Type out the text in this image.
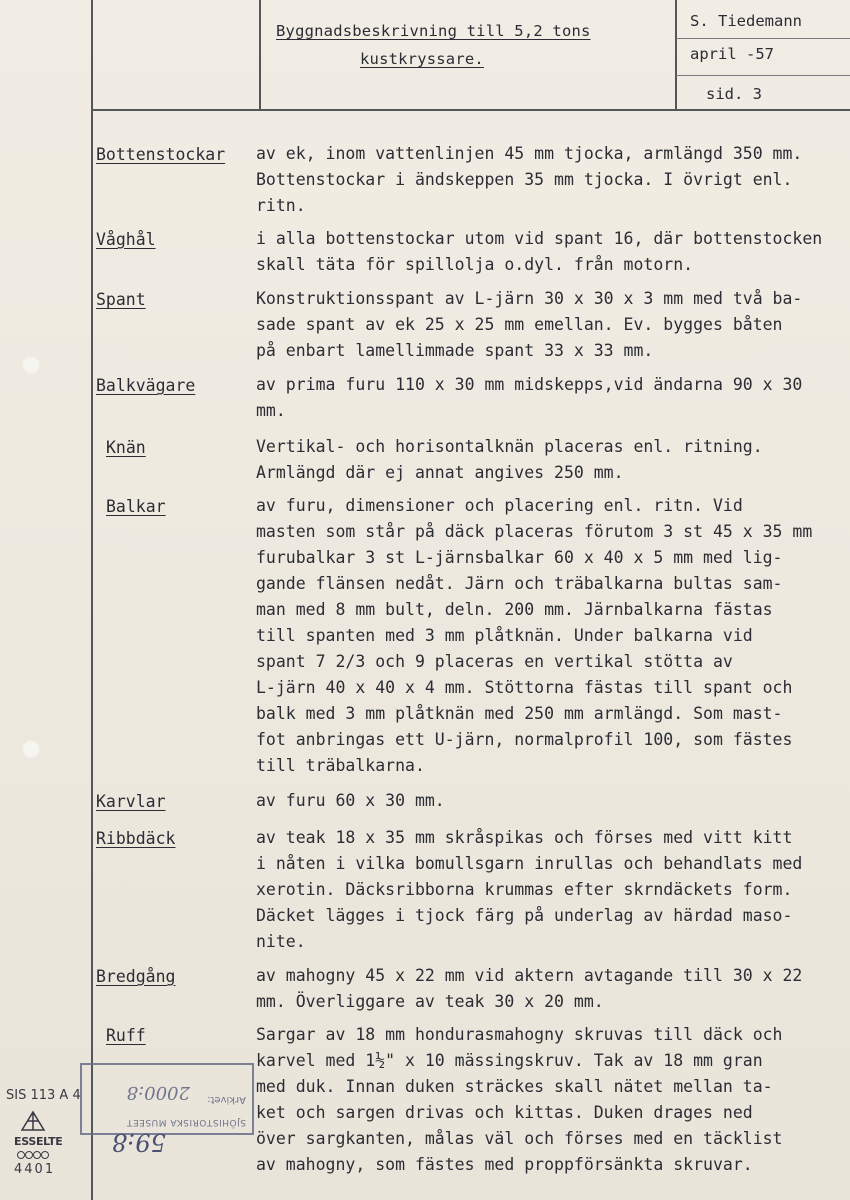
Byggnadsbeskrivning till 5,2 tons
kustkryssare.
S. Tiedemann
april -57
sid. 3
Bottenstockar av ek, inom vattenlinjen 45 mm tjocka, armlängd 350 mm.
Bottenstockar i ändskeppen 35 mm tjocka. I övrigt enl.
ritn.
Våghål	i alla bottenstockar utom vid spant 16, där bottenstocken
skall täta för spillolja o.dyl. från motorn.
Spant	Konstruktionsspant av L-järn 30 x 30 x 3 mm med två ba-
sade spant av ek 25 x 25 mm emellan. Ev. bygges båten
på enbart lamellimmade spant 33 x 33 mm.
Balkvägare	av prima furu 110 x 30 mm midskepps,vid ändarna 90 x 30
mm.
Knän	Vertikal- och horisontalknän placeras enl. ritning.
Armlängd där ej annat angives 250 mm.
Balkar	av furu, dimensioner och placering enl. ritn. Vid
masten som står på däck placeras förutom 3 st 45 x 35 mm
furubalkar 3 st L-järnsbalkar 60 x 40 x 5 mm med lig-
gande flänsen nedåt. Järn och träbalkarna bultas sam-
man med 8 mm bult, deln. 200 mm. Järnbalkarna fästas
till spanten med 3 mm plåtknän. Under balkarna vid
spant 7 2/3 och 9 placeras en vertikal stötta av
L-järn 40 x 40 x 4 mm. Stöttorna fästas till spant och
balk med 3 mm plåtknän med 250 mm armlängd. Som mast-
fot anbringas ett U-järn, normalprofil 100, som fästes
till träbalkarna.
Karvlar	av furu 60 x 30 mm.
Ribbdäck	av teak 18 x 35 mm skråspikas och förses med vitt kitt
i nåten i vilka bomullsgarn inrullas och behandlats med
xerotin. Däcksribborna krummas efter skrndäckets form.
Däcket lägges i tjock färg på underlag av härdad maso-
nite.
Bredgång	av mahogny 45 x 22 mm vid aktern avtagande till 30 x 22
mm. Överliggare av teak 30 x 20 mm.
Ruff	Sargar av 18 mm hondurasmahogny skruvas till däck och
karvel med 1½" x 10 mässingskruv. Tak av 18 mm gran
med duk. Innan duken sträckes skall nätet mellan ta-
ket och sargen drivas och kittas. Duken drages ned
över sargkanten, målas väl och förses med en täcklist
av mahogny, som fästes med proppförsänkta skruvar.
SIS 113 A 4
ESSELTE
4401
SJÖHISTORISKA MUSEET
Arkivet:
2000:8
59:8
